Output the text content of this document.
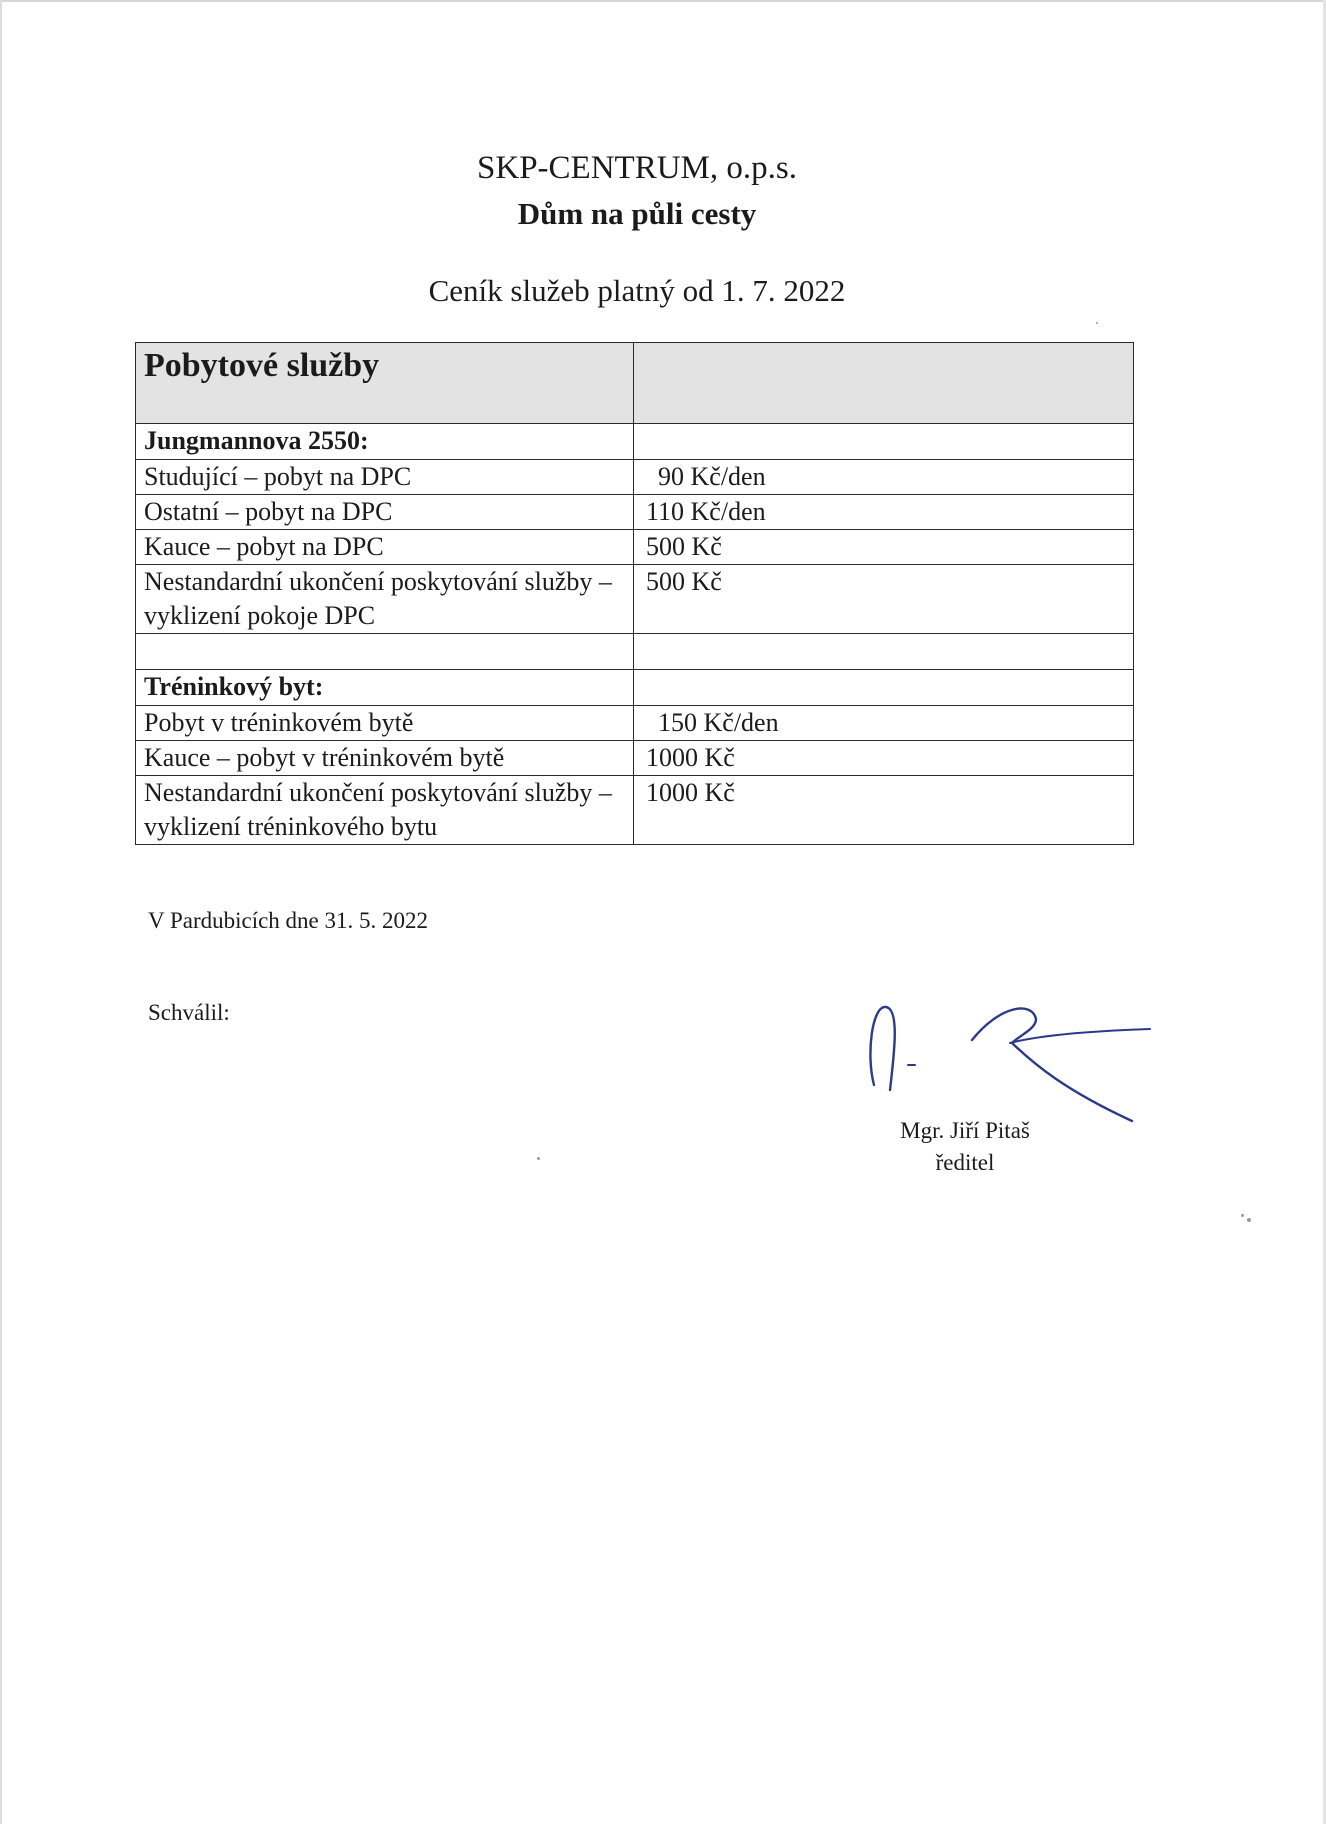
SKP-CENTRUM, o.p.s.
Dům na půli cesty
Ceník služeb platný od 1. 7. 2022
Pobytové služby	
Jungmannova 2550:	
Studující – pobyt na DPC	90 Kč/den
Ostatní – pobyt na DPC	110 Kč/den
Kauce – pobyt na DPC	500 Kč
Nestandardní ukončení poskytování služby – vyklizení pokoje DPC	500 Kč

Tréninkový byt:	
Pobyt v tréninkovém bytě	150 Kč/den
Kauce – pobyt v tréninkovém bytě	1000 Kč
Nestandardní ukončení poskytování služby – vyklizení tréninkového bytu	1000 Kč
V Pardubicích dne 31. 5. 2022
Schválil:
Mgr. Jiří Pitaš
ředitel
